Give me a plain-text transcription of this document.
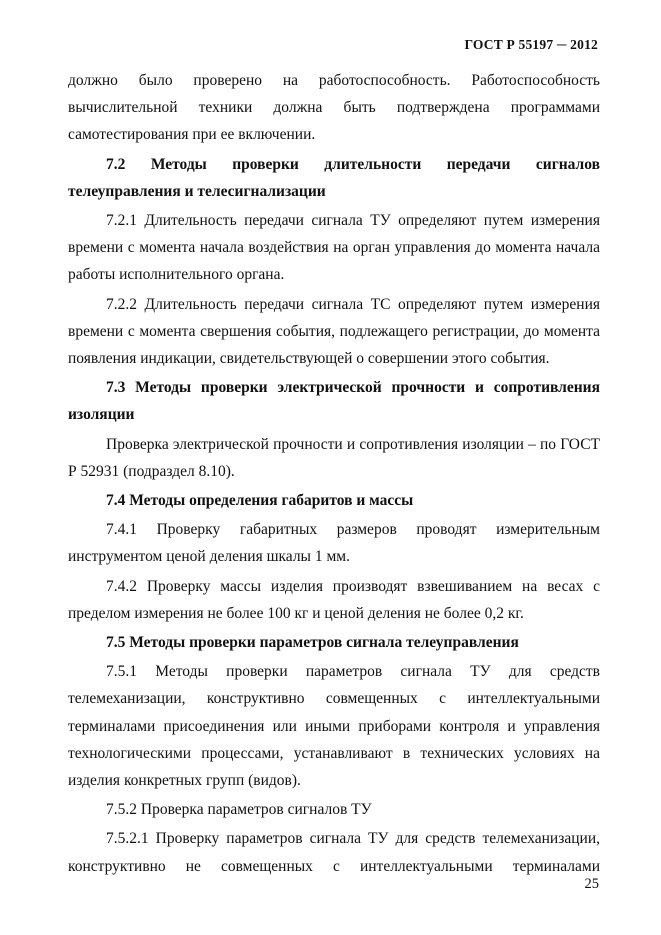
ГОСТ Р 55197 ─ 2012

должно было проверено на работоспособность. Работоспособность вычислительной техники должна быть подтверждена программами самотестирования при ее включении.

7.2 Методы проверки длительности передачи сигналов телеуправления и телесигнализации

7.2.1 Длительность передачи сигнала ТУ определяют путем измерения времени с момента начала воздействия на орган управления до момента начала работы исполнительного органа.

7.2.2 Длительность передачи сигнала ТС определяют путем измерения времени с момента свершения события, подлежащего регистрации, до момента появления индикации, свидетельствующей о совершении этого события.

7.3 Методы проверки электрической прочности и сопротивления изоляции

Проверка электрической прочности и сопротивления изоляции – по ГОСТ Р 52931 (подраздел 8.10).

7.4 Методы определения габаритов и массы

7.4.1 Проверку габаритных размеров проводят измерительным инструментом ценой деления шкалы 1 мм.

7.4.2 Проверку массы изделия производят взвешиванием на весах с пределом измерения не более 100 кг и ценой деления не более 0,2 кг.

7.5 Методы проверки параметров сигнала телеуправления

7.5.1 Методы проверки параметров сигнала ТУ для средств телемеханизации, конструктивно совмещенных с интеллектуальными терминалами присоединения или иными приборами контроля и управления технологическими процессами, устанавливают в технических условиях на изделия конкретных групп (видов).

7.5.2 Проверка параметров сигналов ТУ

7.5.2.1 Проверку параметров сигнала ТУ для средств телемеханизации, конструктивно не совмещенных с интеллектуальными терминалами

25
